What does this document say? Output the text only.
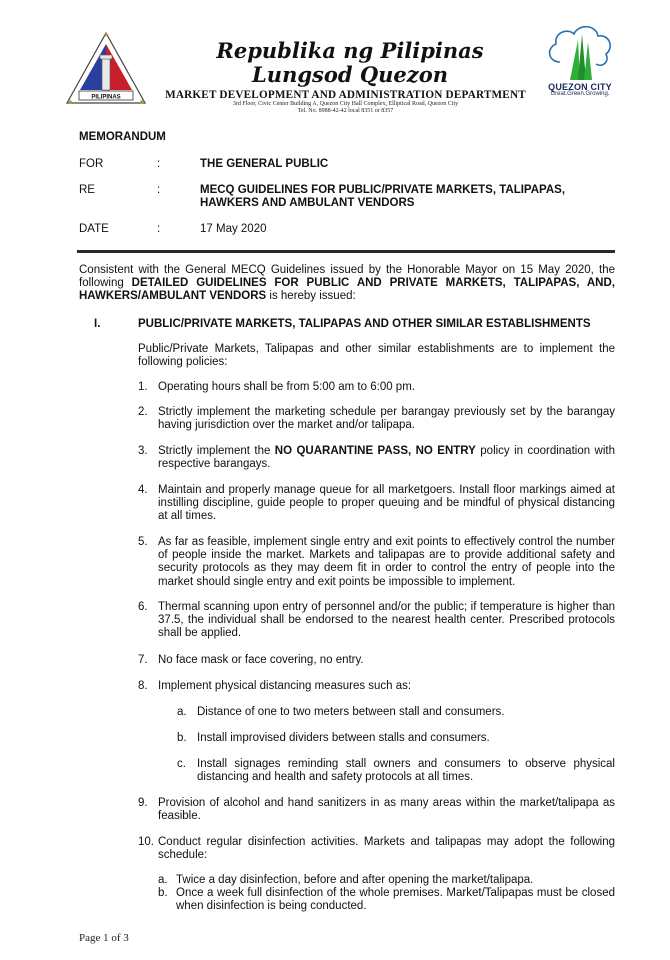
PILIPINAS
★
★	★
Republika ng Pilipinas
Lungsod Quezon
MARKET DEVELOPMENT AND ADMINISTRATION DEPARTMENT
3rd Floor, Civic Center Building A, Quezon City Hall Complex, Elliptical Road, Quezon City
Tel. No. 8988-42-42 local 8351 or 8357
QUEZON CITY
Great.Green.Growing.
MEMORANDUM
FOR	:	THE GENERAL PUBLIC
RE	:	MECQ GUIDELINES FOR PUBLIC/PRIVATE MARKETS, TALIPAPAS, HAWKERS AND AMBULANT VENDORS
DATE	:	17 May 2020
Consistent with the General MECQ Guidelines issued by the Honorable Mayor on 15 May 2020, the following DETAILED GUIDELINES FOR PUBLIC AND PRIVATE MARKETS, TALIPAPAS, AND, HAWKERS/AMBULANT VENDORS is hereby issued:
I.	PUBLIC/PRIVATE MARKETS, TALIPAPAS AND OTHER SIMILAR ESTABLISHMENTS
Public/Private Markets, Talipapas and other similar establishments are to implement the following policies:
1. Operating hours shall be from 5:00 am to 6:00 pm.
2. Strictly implement the marketing schedule per barangay previously set by the barangay having jurisdiction over the market and/or talipapa.
3. Strictly implement the NO QUARANTINE PASS, NO ENTRY policy in coordination with respective barangays.
4. Maintain and properly manage queue for all marketgoers. Install floor markings aimed at instilling discipline, guide people to proper queuing and be mindful of physical distancing at all times.
5. As far as feasible, implement single entry and exit points to effectively control the number of people inside the market. Markets and talipapas are to provide additional safety and security protocols as they may deem fit in order to control the entry of people into the market should single entry and exit points be impossible to implement.
6. Thermal scanning upon entry of personnel and/or the public; if temperature is higher than 37.5, the individual shall be endorsed to the nearest health center. Prescribed protocols shall be applied.
7. No face mask or face covering, no entry.
8. Implement physical distancing measures such as:
a. Distance of one to two meters between stall and consumers.
b. Install improvised dividers between stalls and consumers.
c. Install signages reminding stall owners and consumers to observe physical distancing and health and safety protocols at all times.
9. Provision of alcohol and hand sanitizers in as many areas within the market/talipapa as feasible.
10. Conduct regular disinfection activities. Markets and talipapas may adopt the following schedule:
a. Twice a day disinfection, before and after opening the market/talipapa.
b. Once a week full disinfection of the whole premises. Market/Talipapas must be closed when disinfection is being conducted.
Page 1 of 3
